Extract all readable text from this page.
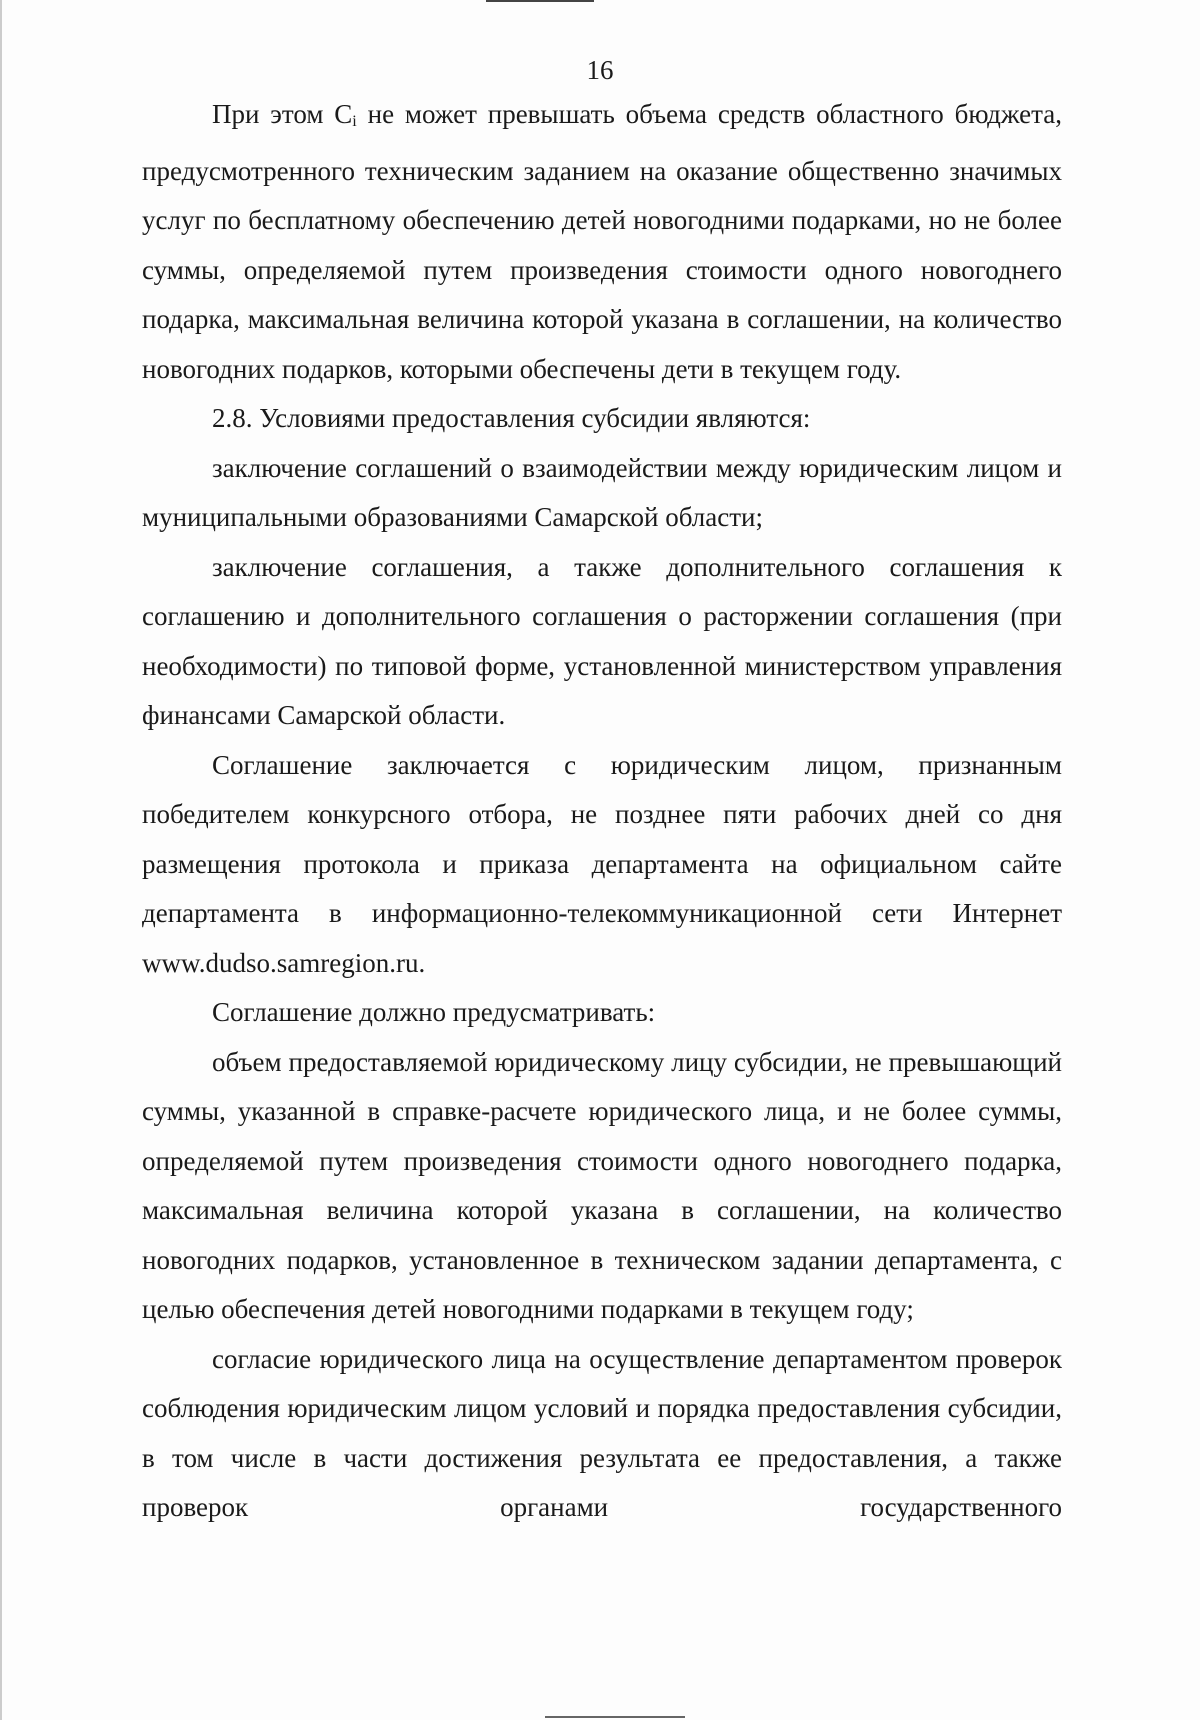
16

При этом Ci не может превышать объема средств областного бюджета, предусмотренного техническим заданием на оказание общественно значимых услуг по бесплатному обеспечению детей новогодними подарками, но не более суммы, определяемой путем произведения стоимости одного новогоднего подарка, максимальная величина которой указана в соглашении, на количество новогодних подарков, которыми обеспечены дети в текущем году.

2.8. Условиями предоставления субсидии являются:

заключение соглашений о взаимодействии между юридическим лицом и муниципальными образованиями Самарской области;

заключение соглашения, а также дополнительного соглашения к соглашению и дополнительного соглашения о расторжении соглашения (при необходимости) по типовой форме, установленной министерством управления финансами Самарской области.

Соглашение заключается с юридическим лицом, признанным победителем конкурсного отбора, не позднее пяти рабочих дней со дня размещения протокола и приказа департамента на официальном сайте департамента в информационно-телекоммуникационной сети Интернет www.dudso.samregion.ru.

Соглашение должно предусматривать:

объем предоставляемой юридическому лицу субсидии, не превышающий суммы, указанной в справке-расчете юридического лица, и не более суммы, определяемой путем произведения стоимости одного новогоднего подарка, максимальная величина которой указана в соглашении, на количество новогодних подарков, установленное в техническом задании департамента, с целью обеспечения детей новогодними подарками в текущем году;

согласие юридического лица на осуществление департаментом проверок соблюдения юридическим лицом условий и порядка предоставления субсидии, в том числе в части достижения результата ее предоставления, а также проверок органами государственного
